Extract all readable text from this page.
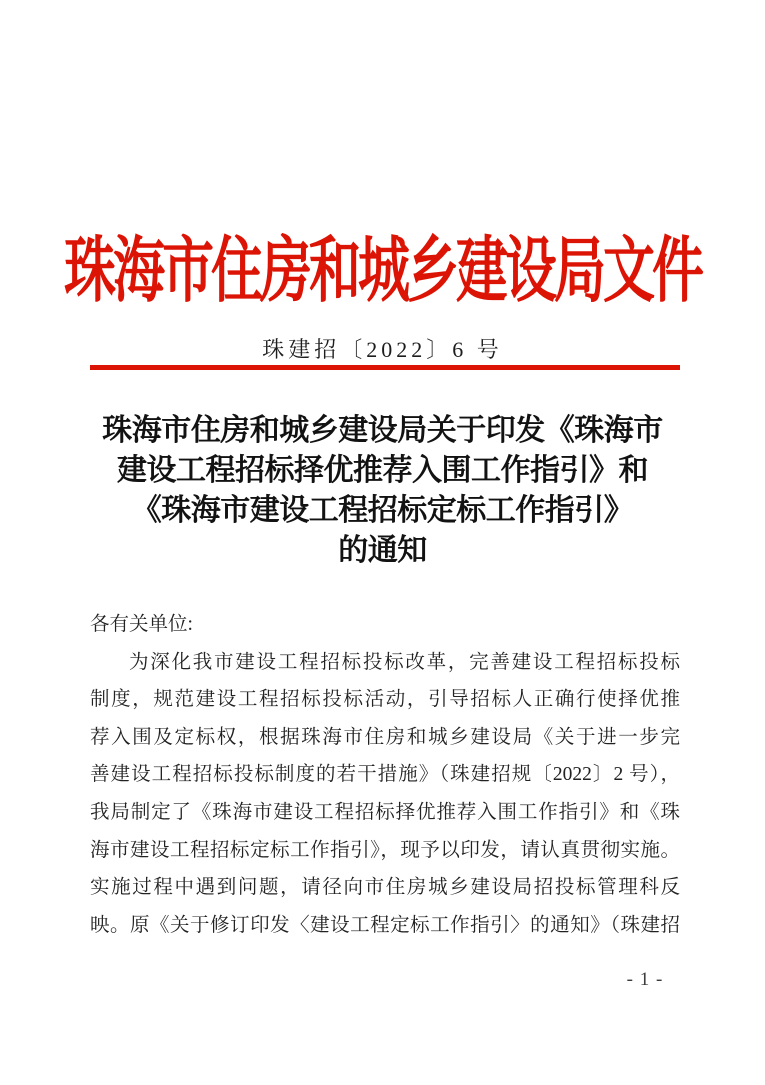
珠海市住房和城乡建设局文件
珠建招〔2022〕6 号
珠海市住房和城乡建设局关于印发《珠海市
建设工程招标择优推荐入围工作指引》和
《珠海市建设工程招标定标工作指引》
的通知
各有关单位:
为深化我市建设工程招标投标改革，完善建设工程招标投标
制度，规范建设工程招标投标活动，引导招标人正确行使择优推
荐入围及定标权，根据珠海市住房和城乡建设局《关于进一步完
善建设工程招标投标制度的若干措施》（珠建招规〔2022〕2 号），
我局制定了《珠海市建设工程招标择优推荐入围工作指引》和《珠
海市建设工程招标定标工作指引》，现予以印发，请认真贯彻实施。
实施过程中遇到问题，请径向市住房城乡建设局招投标管理科反
映。原《关于修订印发〈建设工程定标工作指引〉的通知》（珠建招
- 1 -
